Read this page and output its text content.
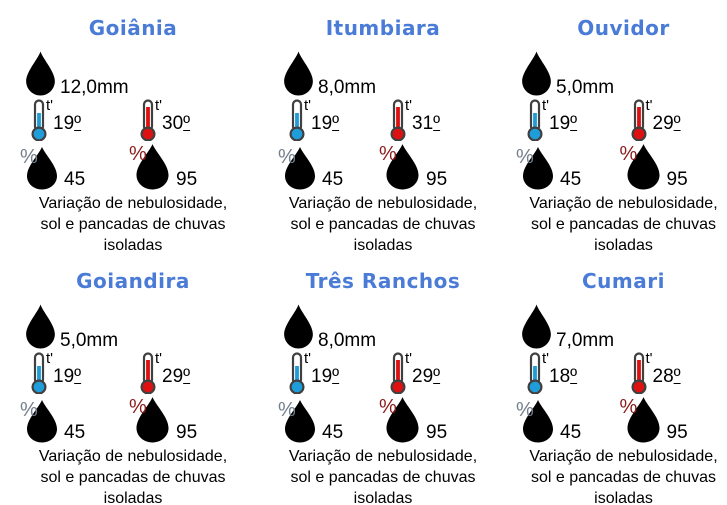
Goiânia
12,0mm
t'
19º
t'
30º
%
45
%
95
Variação de nebulosidade,
sol e pancadas de chuvas
isoladas
Itumbiara
8,0mm
t'
19º
t'
31º
%
45
%
95
Variação de nebulosidade,
sol e pancadas de chuvas
isoladas
Ouvidor
5,0mm
t'
19º
t'
29º
%
45
%
95
Variação de nebulosidade,
sol e pancadas de chuvas
isoladas
Goiandira
5,0mm
t'
19º
t'
29º
%
45
%
95
Variação de nebulosidade,
sol e pancadas de chuvas
isoladas
Três Ranchos
8,0mm
t'
19º
t'
29º
%
45
%
95
Variação de nebulosidade,
sol e pancadas de chuvas
isoladas
Cumari
7,0mm
t'
18º
t'
28º
%
45
%
95
Variação de nebulosidade,
sol e pancadas de chuvas
isoladas
